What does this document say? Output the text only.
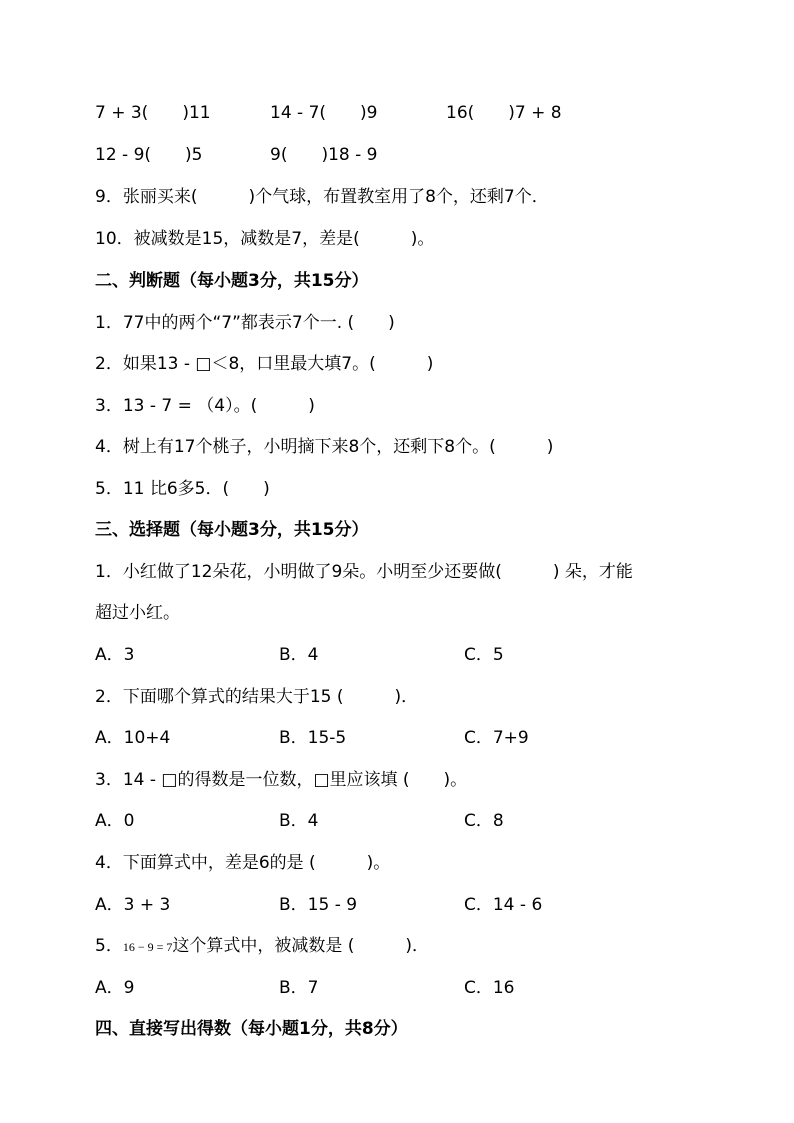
7 + 3(　　)11	14 - 7(　　)9	16(　　)7 + 8
12 - 9(　　)5	9(　　)18 - 9
9．张丽买来(　　　)个气球，布置教室用了8个，还剩7个．
10．被减数是15，减数是7，差是(　　　)。
二、判断题（每小题3分，共15分）
1．77中的两个“7”都表示7个一. (　　)
2．如果13 - □＜8，口里最大填7。(　　　)
3．13 - 7 = （4）。(　　　)
4．树上有17个桃子，小明摘下来8个，还剩下8个。(　　　)
5．11 比6多5．(　　)
三、选择题（每小题3分，共15分）
1．小红做了12朵花，小明做了9朵。小明至少还要做(　　　) 朵，才能
超过小红。
A．3	B．4	C．5
2．下面哪个算式的结果大于15 (　　　)．
A．10+4	B．15-5	C．7+9
3．14 - □的得数是一位数，□里应该填 (　　)。
A．0	B．4	C．8
4．下面算式中，差是6的是 (　　　)。
A．3 + 3	B．15 - 9	C．14 - 6
5．16 − 9 = 7这个算式中，被减数是 (　　　)．
A．9	B．7	C．16
四、直接写出得数（每小题1分，共8分）
